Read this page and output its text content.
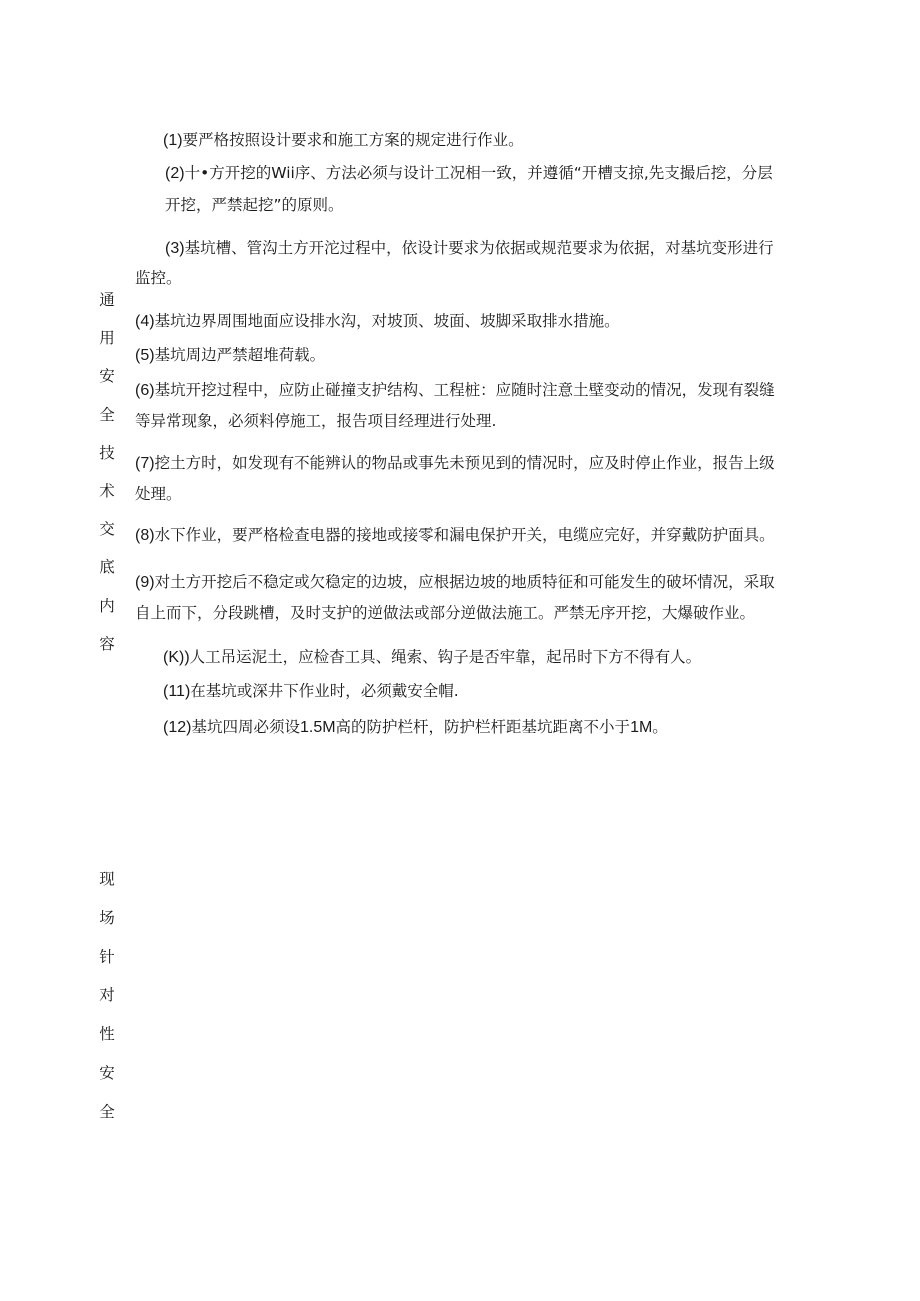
通
用
安
全
技
术
交
底
内
容
(1)要严格按照设计要求和施工方案的规定进行作业。
(2)十•方开挖的Wii序、方法必须与设计工况相一致，并遵循“开槽支掠,先支撮后挖，分层
开挖，严禁起挖”的原则。
(3)基坑槽、管沟土方开沱过程中，依设计要求为依据或规范要求为依据，对基坑变形进行
监控。
(4)基坑边界周围地面应设排水沟，对坡顶、坡面、坡脚采取排水措施。
(5)基坑周边严禁超堆荷载。
(6)基坑开挖过程中，应防止碰撞支护结构、工程桩：应随时注意土壁变动的情况，发现有裂缝
等异常现象，必须料停施工，报告项目经理进行处理.
(7)挖土方时，如发现有不能辨认的物品或事先未预见到的情况时，应及时停止作业，报告上级
处理。
(8)水下作业，要严格检查电器的接地或接零和漏电保护开关，电缆应完好，并穿戴防护面具。
(9)对土方开挖后不稳定或欠稳定的边坡，应根据边坡的地质特征和可能发生的破坏情况，采取
自上而下，分段跳槽，及时支护的逆做法或部分逆做法施工。严禁无序开挖，大爆破作业。
(K))人工吊运泥土，应检杳工具、绳索、钩子是否牢靠，起吊时下方不得有人。
(11)在基坑或深井下作业时，必须戴安全帽.
(12)基坑四周必须设1.5M高的防护栏杆，防护栏杆距基坑距离不小于1M。
现
场
针
对
性
安
全
